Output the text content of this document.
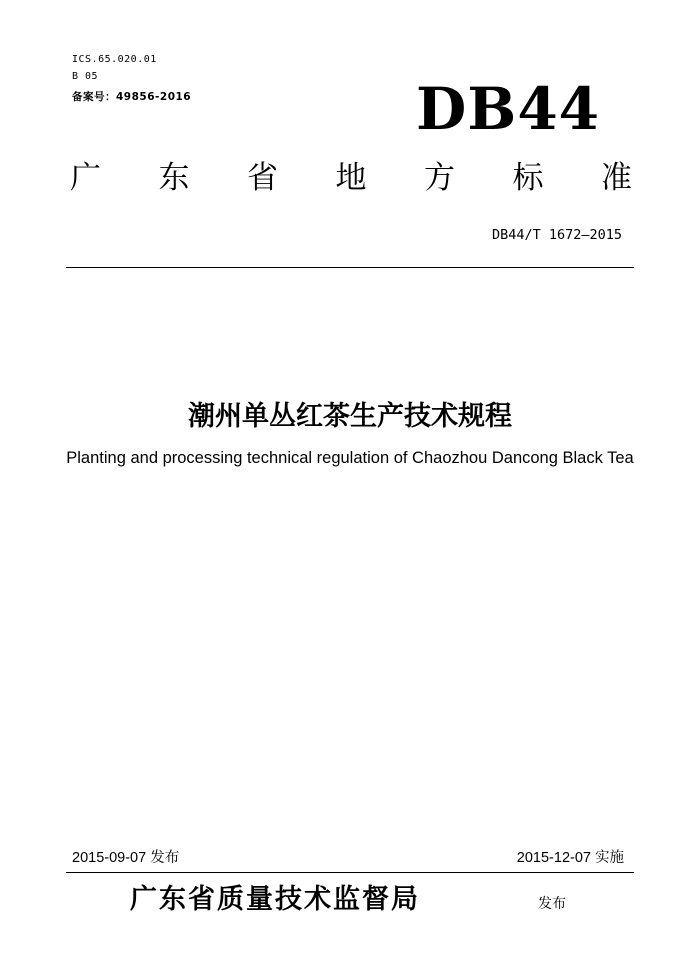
ICS.65.020.01
B 05
备案号：49856-2016	DB44
广 东 省 地 方 标 准
DB44/T 1672—2015
潮州单丛红茶生产技术规程
Planting and processing technical regulation of Chaozhou Dancong Black Tea
2015-09-07 发布	2015-12-07 实施
广东省质量技术监督局	发布
